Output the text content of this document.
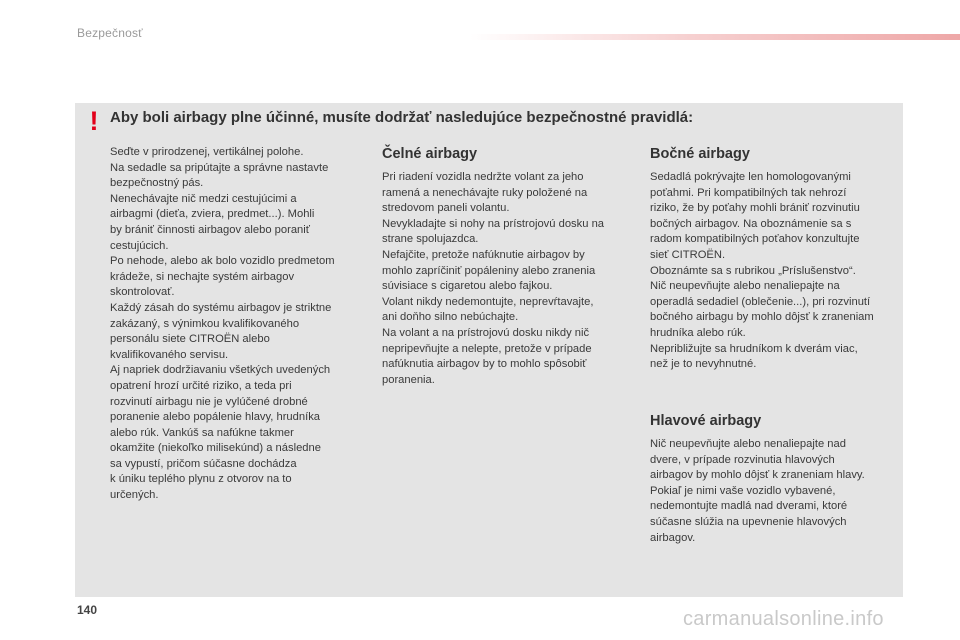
Bezpečnosť
! Aby boli airbagy plne účinné, musíte dodržať nasledujúce bezpečnostné pravidlá:

Seďte v prirodzenej, vertikálnej polohe.

Na sedadle sa pripútajte a správne nastavte

bezpečnostný pás.

Nenechávajte nič medzi cestujúcimi a

airbagmi (dieťa, zviera, predmet...). Mohli

by brániť činnosti airbagov alebo poraniť

cestujúcich.

Po nehode, alebo ak bolo vozidlo predmetom

krádeže, si nechajte systém airbagov

skontrolovať.

Každý zásah do systému airbagov je striktne

zakázaný, s výnimkou kvalifikovaného

personálu siete CITROËN alebo

kvalifikovaného servisu.

Aj napriek dodržiavaniu všetkých uvedených

opatrení hrozí určité riziko, a teda pri

rozvinutí airbagu nie je vylúčené drobné

poranenie alebo popálenie hlavy, hrudníka

alebo rúk. Vankúš sa nafúkne takmer

okamžite (niekoľko milisekúnd) a následne

sa vypustí, pričom súčasne dochádza

k úniku teplého plynu z otvorov na to

určených.

Čelné airbagy

Pri riadení vozidla nedržte volant za jeho

ramená a nenechávajte ruky položené na

stredovom paneli volantu.

Nevykladajte si nohy na prístrojovú dosku na

strane spolujazdca.

Nefajčite, pretože nafúknutie airbagov by

mohlo zapríčiniť popáleniny alebo zranenia

súvisiace s cigaretou alebo fajkou.

Volant nikdy nedemontujte, neprevŕtavajte,

ani doňho silno nebúchajte.

Na volant a na prístrojovú dosku nikdy nič

nepripevňujte a nelepte, pretože v prípade

nafúknutia airbagov by to mohlo spôsobiť

poranenia.

Bočné airbagy

Sedadlá pokrývajte len homologovanými

poťahmi. Pri kompatibilných tak nehrozí

riziko, že by poťahy mohli brániť rozvinutiu

bočných airbagov. Na oboznámenie sa s

radom kompatibilných poťahov konzultujte

sieť CITROËN.

Oboznámte sa s rubrikou „Príslušenstvo“.

Nič neupevňujte alebo nenaliepajte na

operadlá sedadiel (oblečenie...), pri rozvinutí

bočného airbagu by mohlo dôjsť k zraneniam

hrudníka alebo rúk.

Nepribližujte sa hrudníkom k dverám viac,

než je to nevyhnutné.

Hlavové airbagy

Nič neupevňujte alebo nenaliepajte nad

dvere, v prípade rozvinutia hlavových

airbagov by mohlo dôjsť k zraneniam hlavy.

Pokiaľ je nimi vaše vozidlo vybavené,

nedemontujte madlá nad dverami, ktoré

súčasne slúžia na upevnenie hlavových

airbagov.

140	carmanualsonline.info
